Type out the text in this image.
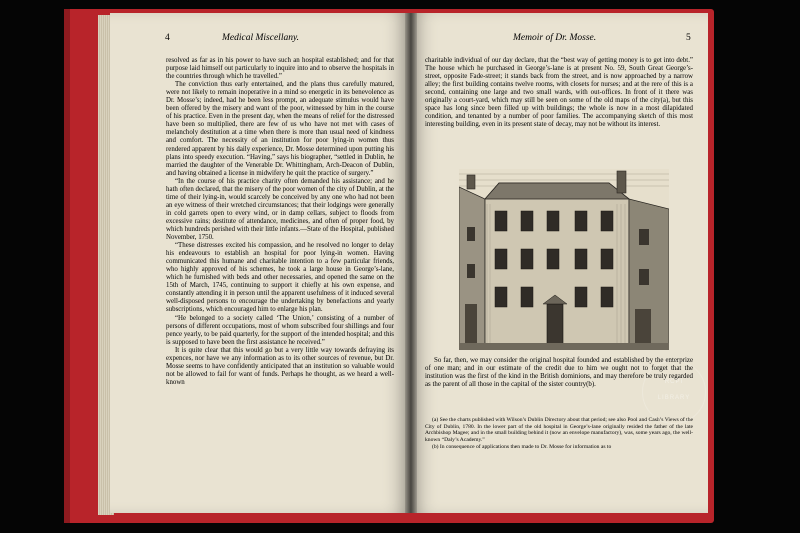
4	Medical Miscellany.

resolved as far as in his power to have such an hospital established; and for that purpose laid himself out particularly to inquire into and to observe the hospitals in the countries through which he travelled.”

The conviction thus early entertained, and the plans thus carefully matured, were not likely to remain inoperative in a mind so energetic in its benevolence as Dr. Mosse’s; indeed, had he been less prompt, an adequate stimulus would have been offered by the misery and want of the poor, witnessed by him in the course of his practice. Even in the present day, when the means of relief for the distressed have been so multiplied, there are few of us who have not met with cases of melancholy destitution at a time when there is more than usual need of kindness and comfort. The necessity of an institution for poor lying-in women thus rendered apparent by his daily experience, Dr. Mosse determined upon putting his plans into speedy execution. “Having,” says his biographer, “settled in Dublin, he married the daughter of the Venerable Dr. Whittingham, Arch-Deacon of Dublin, and having obtained a license in midwifery he quit the practice of surgery.”

“In the course of his practice charity often demanded his assistance; and he hath often declared, that the misery of the poor women of the city of Dublin, at the time of their lying-in, would scarcely be conceived by any one who had not been an eye witness of their wretched circumstances; that their lodgings were generally in cold garrets open to every wind, or in damp cellars, subject to floods from excessive rains; destitute of attendance, medicines, and often of proper food, by which hundreds perished with their little infants.—State of the Hospital, published November, 1750.

“These distresses excited his compassion, and he resolved no longer to delay his endeavours to establish an hospital for poor lying-in women. Having communicated this humane and charitable intention to a few particular friends, who highly approved of his schemes, he took a large house in George’s-lane, which he furnished with beds and other necessaries, and opened the same on the 15th of March, 1745, continuing to support it chiefly at his own expense, and constantly attending it in person until the apparent usefulness of it induced several well-disposed persons to encourage the undertaking by benefactions and yearly subscriptions, which encouraged him to enlarge his plan.

“He belonged to a society called ‘The Union,’ consisting of a number of persons of different occupations, most of whom subscribed four shillings and four pence yearly, to be paid quarterly, for the support of the intended hospital; and this is supposed to have been the first assistance he received.”

It is quite clear that this would go but a very little way towards defraying its expences, nor have we any information as to its other sources of revenue, but Dr. Mosse seems to have confidently anticipated that an institution so valuable would not be allowed to fail for want of funds. Perhaps he thought, as we heard a well-known

Memoir of Dr. Mosse.	5

charitable individual of our day declare, that the “best way of getting money is to get into debt.” The house which he purchased in George’s-lane is at present No. 59, South Great George’s-street, opposite Fade-street; it stands back from the street, and is now approached by a narrow alley; the first building contains twelve rooms, with closets for nurses; and at the rere of this is a second, containing one large and two small wards, with out-offices. In front of it there was originally a court-yard, which may still be seen on some of the old maps of the city(a), but this space has long since been filled up with buildings; the whole is now in a most dilapidated condition, and tenanted by a number of poor families. The accompanying sketch of this most interesting building, even in its present state of decay, may not be without its interest.

So far, then, we may consider the original hospital founded and established by the enterprize of one man; and in our estimate of the credit due to him we ought not to forget that the institution was the first of the kind in the British dominions, and may therefore be truly regarded as the parent of all those in the capital of the sister country(b).

(a) See the charts published with Wilson’s Dublin Directory about that period; see also Pool and Cash’s Views of the City of Dublin, 1780. In the lower part of the old hospital in George’s-lane originally resided the father of the late Archbishop Magee; and in the small building behind it (now an envelope manufactory), was, some years ago, the well-known “Daly’s Academy.”

(b) In consequence of applications then made to Dr. Mosse for information as to

RCPI
LIBRARY
